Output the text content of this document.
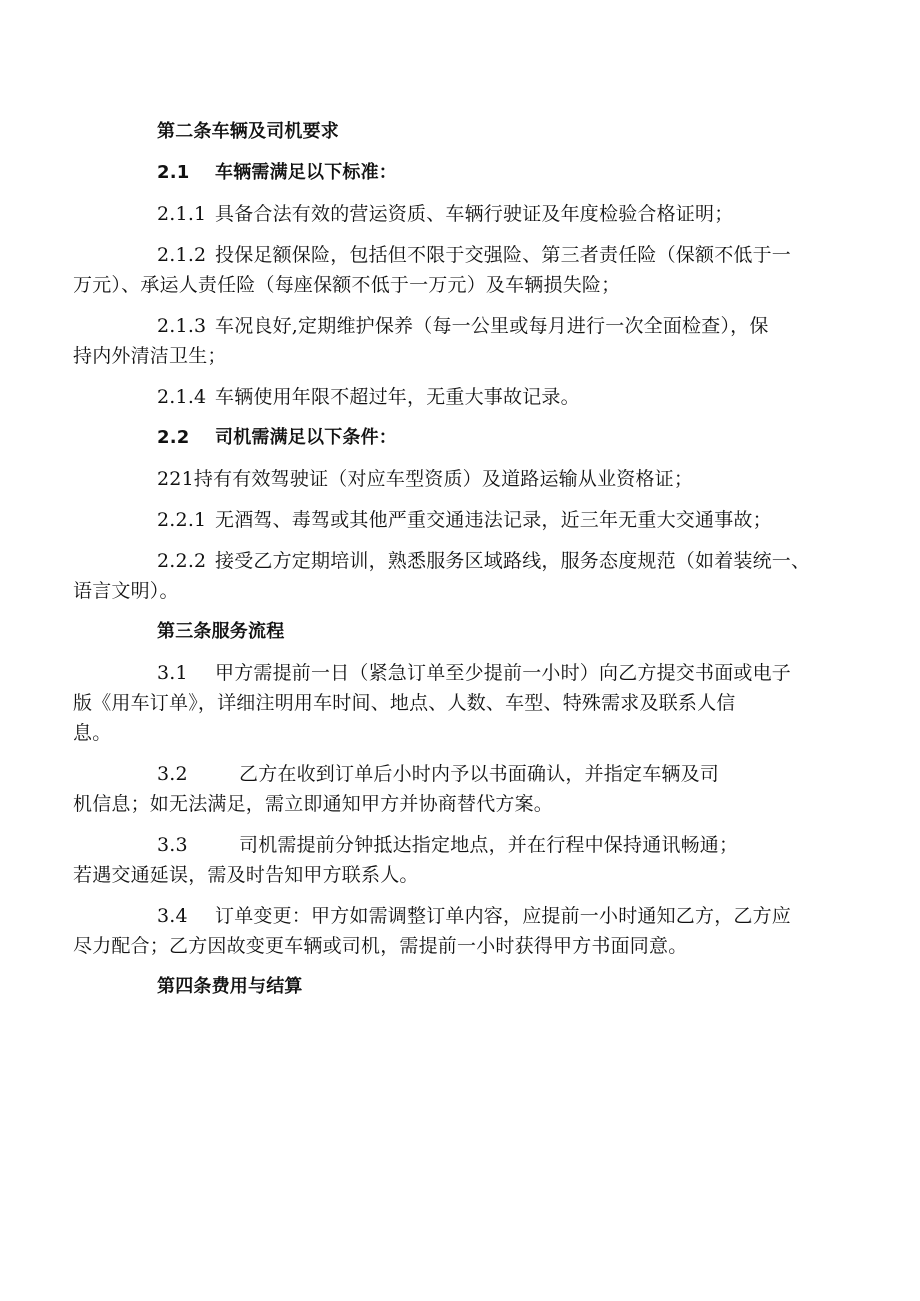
第二条车辆及司机要求

2.1 车辆需满足以下标准：

2.1.1 具备合法有效的营运资质、车辆行驶证及年度检验合格证明；

2.1.2 投保足额保险，包括但不限于交强险、第三者责任险（保额不低于一
万元）、承运人责任险（每座保额不低于一万元）及车辆损失险；

2.1.3 车况良好,定期维护保养（每一公里或每月进行一次全面检查），保
持内外清洁卫生；

2.1.4 车辆使用年限不超过年，无重大事故记录。

2.2 司机需满足以下条件：

221持有有效驾驶证（对应车型资质）及道路运输从业资格证；

2.2.1 无酒驾、毒驾或其他严重交通违法记录，近三年无重大交通事故；

2.2.2 接受乙方定期培训，熟悉服务区域路线，服务态度规范（如着装统一、
语言文明）。

第三条服务流程

3.1 甲方需提前一日（紧急订单至少提前一小时）向乙方提交书面或电子
版《用车订单》，详细注明用车时间、地点、人数、车型、特殊需求及联系人信
息。

3.2	乙方在收到订单后小时内予以书面确认，并指定车辆及司
机信息；如无法满足，需立即通知甲方并协商替代方案。

3.3	司机需提前分钟抵达指定地点，并在行程中保持通讯畅通；
若遇交通延误，需及时告知甲方联系人。

3.4 订单变更：甲方如需调整订单内容，应提前一小时通知乙方，乙方应
尽力配合；乙方因故变更车辆或司机，需提前一小时获得甲方书面同意。

第四条费用与结算
